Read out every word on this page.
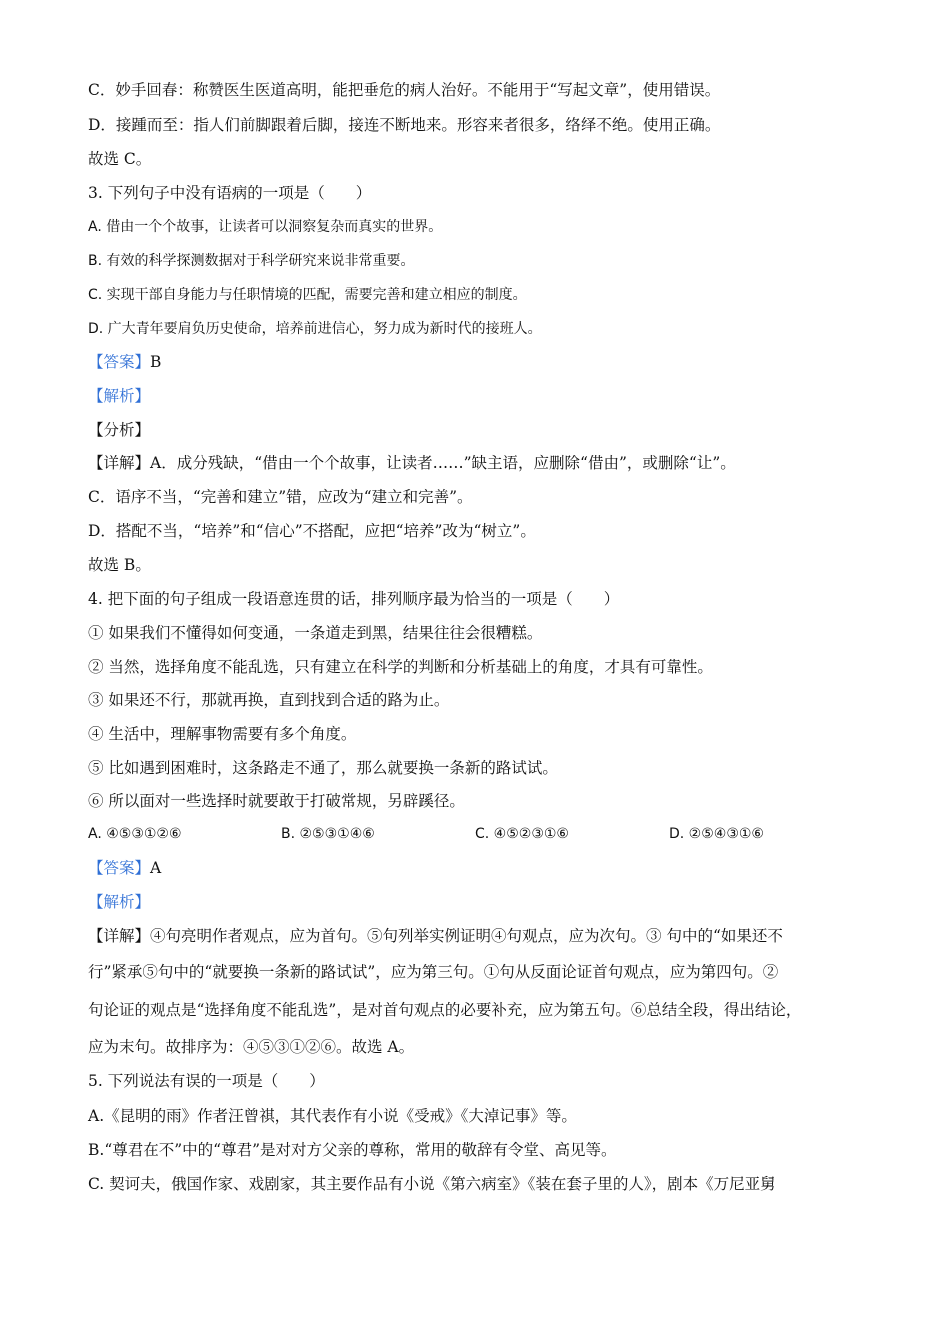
C．妙手回春：称赞医生医道高明，能把垂危的病人治好。不能用于“写起文章”，使用错误。
D．接踵而至：指人们前脚跟着后脚，接连不断地来。形容来者很多，络绎不绝。使用正确。
故选 C。
3. 下列句子中没有语病的一项是（　　）
A. 借由一个个故事，让读者可以洞察复杂而真实的世界。
B. 有效的科学探测数据对于科学研究来说非常重要。
C. 实现干部自身能力与任职情境的匹配，需要完善和建立相应的制度。
D. 广大青年要肩负历史使命，培养前进信心，努力成为新时代的接班人。
【答案】B
【解析】
【分析】
【详解】A．成分残缺，“借由一个个故事，让读者……”缺主语，应删除“借由”，或删除“让”。
C．语序不当，“完善和建立”错，应改为“建立和完善”。
D．搭配不当，“培养”和“信心”不搭配，应把“培养”改为“树立”。
故选 B。
4. 把下面的句子组成一段语意连贯的话，排列顺序最为恰当的一项是（　　）
① 如果我们不懂得如何变通，一条道走到黑，结果往往会很糟糕。
② 当然，选择角度不能乱选，只有建立在科学的判断和分析基础上的角度，才具有可靠性。
③ 如果还不行，那就再换，直到找到合适的路为止。
④ 生活中，理解事物需要有多个角度。
⑤ 比如遇到困难时，这条路走不通了，那么就要换一条新的路试试。
⑥ 所以面对一些选择时就要敢于打破常规，另辟蹊径。
A. ④⑤③①②⑥	B. ②⑤③①④⑥	C. ④⑤②③①⑥	D. ②⑤④③①⑥
【答案】A
【解析】
【详解】④句亮明作者观点，应为首句。⑤句列举实例证明④句观点，应为次句。③ 句中的“如果还不
行”紧承⑤句中的“就要换一条新的路试试”，应为第三句。①句从反面论证首句观点，应为第四句。②
句论证的观点是“选择角度不能乱选”，是对首句观点的必要补充，应为第五句。⑥总结全段，得出结论，
应为末句。故排序为：④⑤③①②⑥。故选 A。
5. 下列说法有误的一项是（　　）
A.《昆明的雨》作者汪曾祺，其代表作有小说《受戒》《大淖记事》等。
B.“尊君在不”中的“尊君”是对对方父亲的尊称，常用的敬辞有令堂、高见等。
C. 契诃夫，俄国作家、戏剧家，其主要作品有小说《第六病室》《装在套子里的人》，剧本《万尼亚舅
